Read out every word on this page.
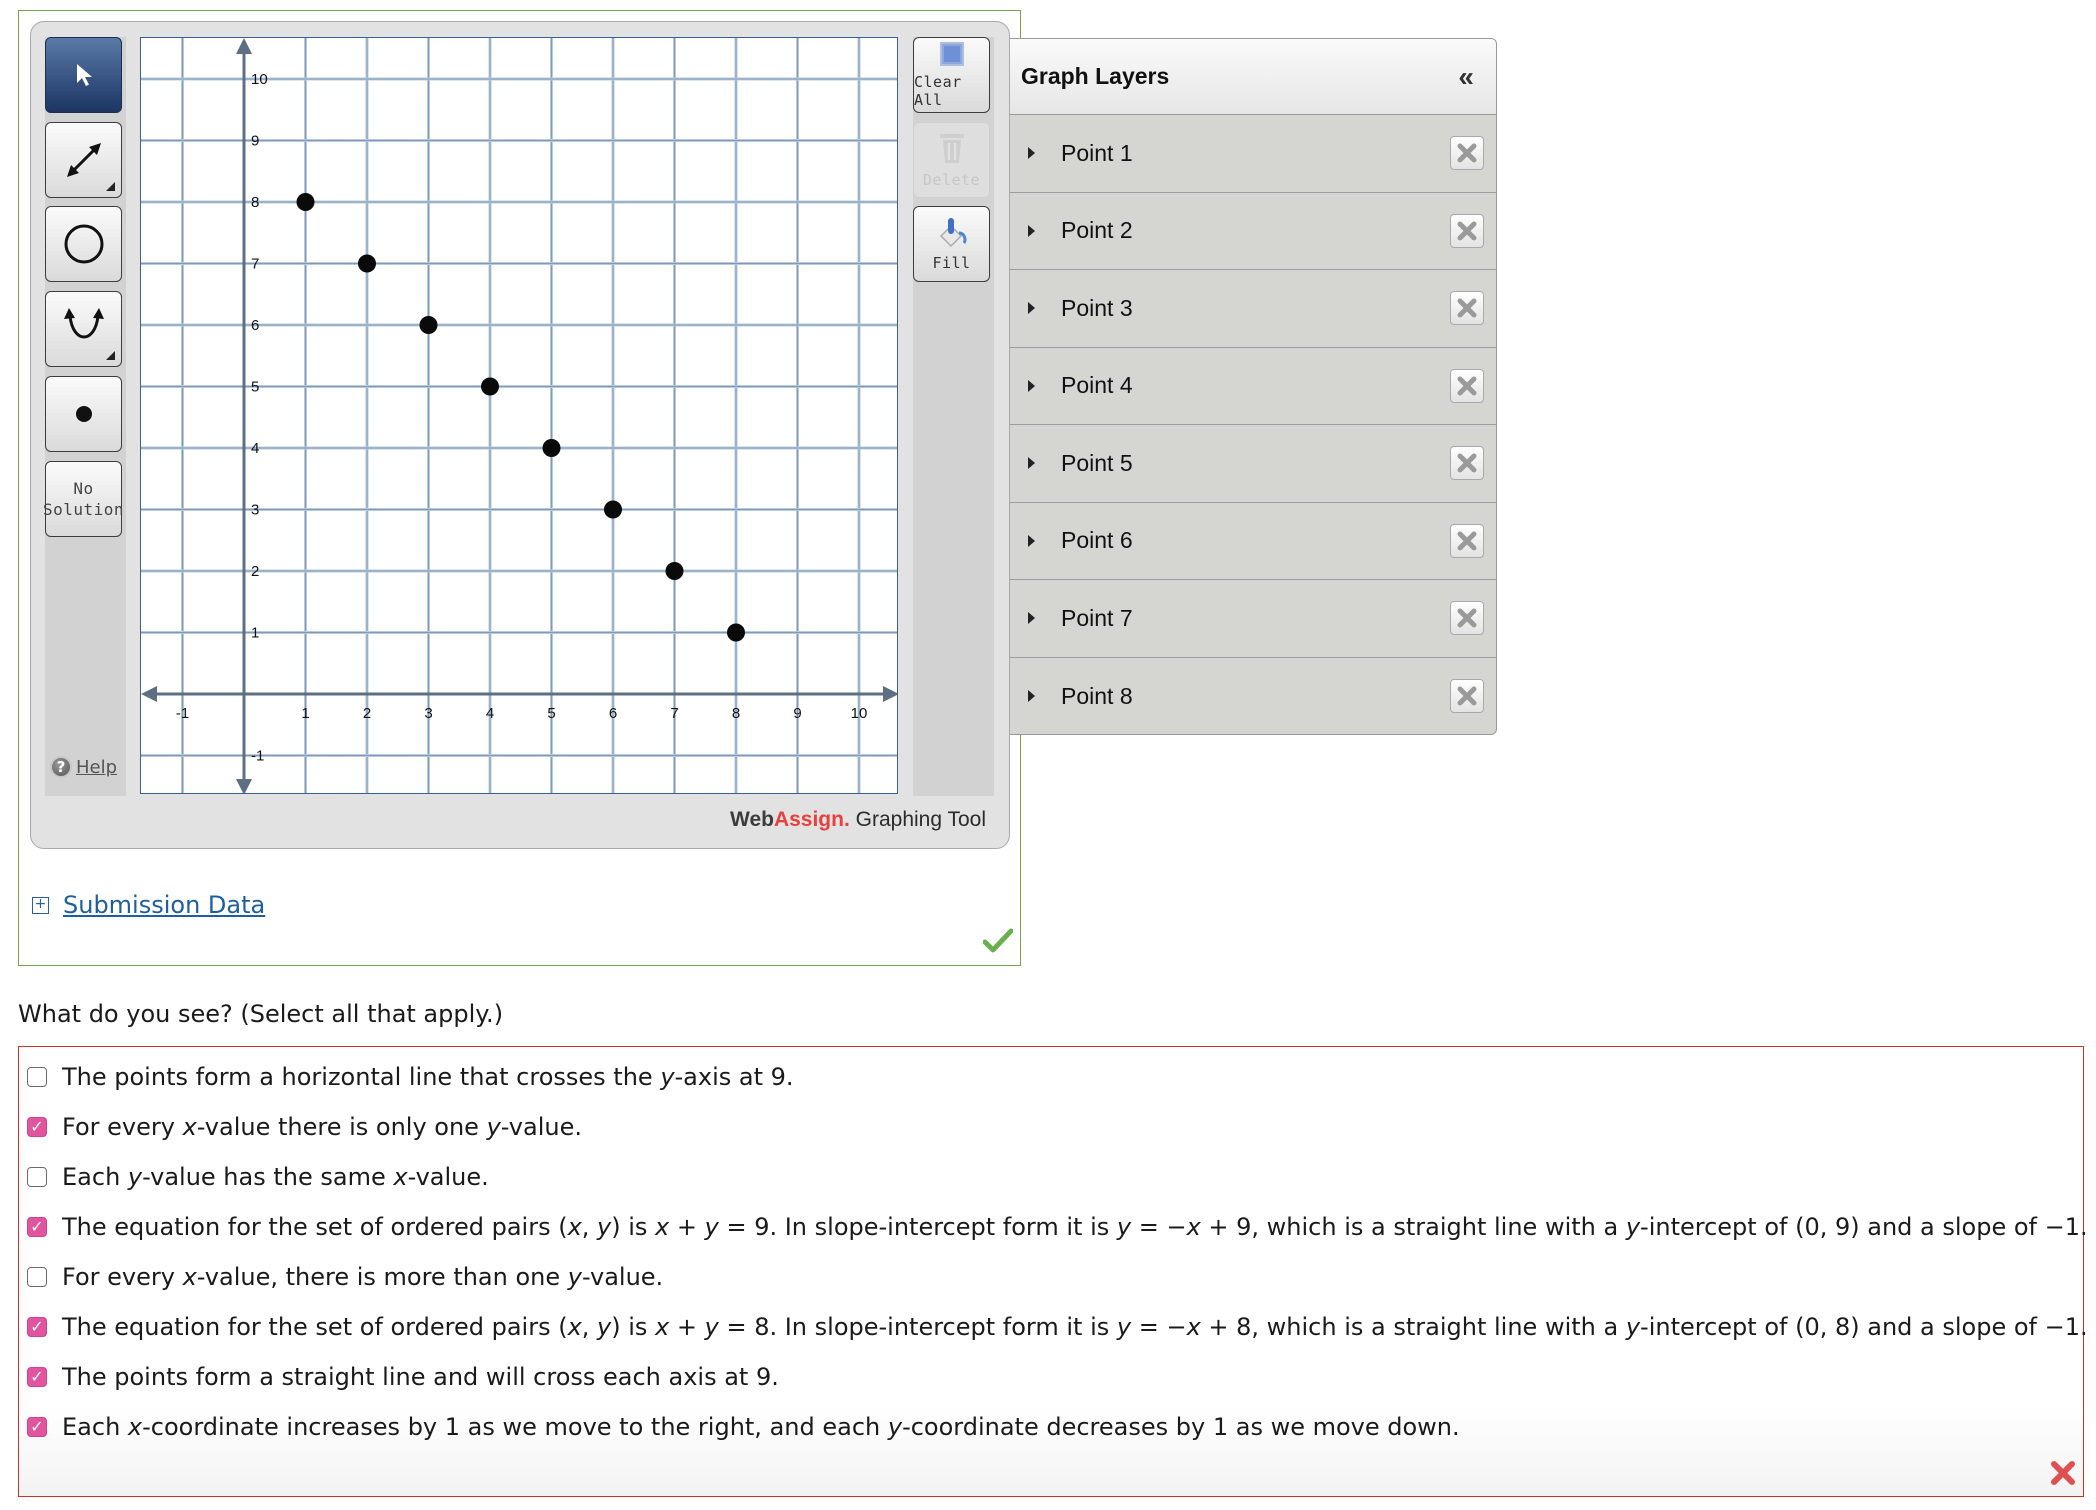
No
Solution
? Help
-1	1	2	3	4	5	6	7	8	9	10
-1
1
2
3
4
5
6
7
8
9
10	Clear All
Delete
Fill
WebAssign. Graphing Tool
Graph Layers	«
Point 1
Point 2
Point 3
Point 4
Point 5
Point 6
Point 7
Point 8
+ Submission Data
What do you see? (Select all that apply.)
The points form a horizontal line that crosses the y-axis at 9.
✓
For every x-value there is only one y-value.
Each y-value has the same x-value.
✓
The equation for the set of ordered pairs (x, y) is x + y = 9. In slope-intercept form it is y = −x + 9, which is a straight line with a y-intercept of (0, 9) and a slope of −1.
For every x-value, there is more than one y-value.
✓
The equation for the set of ordered pairs (x, y) is x + y = 8. In slope-intercept form it is y = −x + 8, which is a straight line with a y-intercept of (0, 8) and a slope of −1.
✓
The points form a straight line and will cross each axis at 9.
✓
Each x-coordinate increases by 1 as we move to the right, and each y-coordinate decreases by 1 as we move down.
